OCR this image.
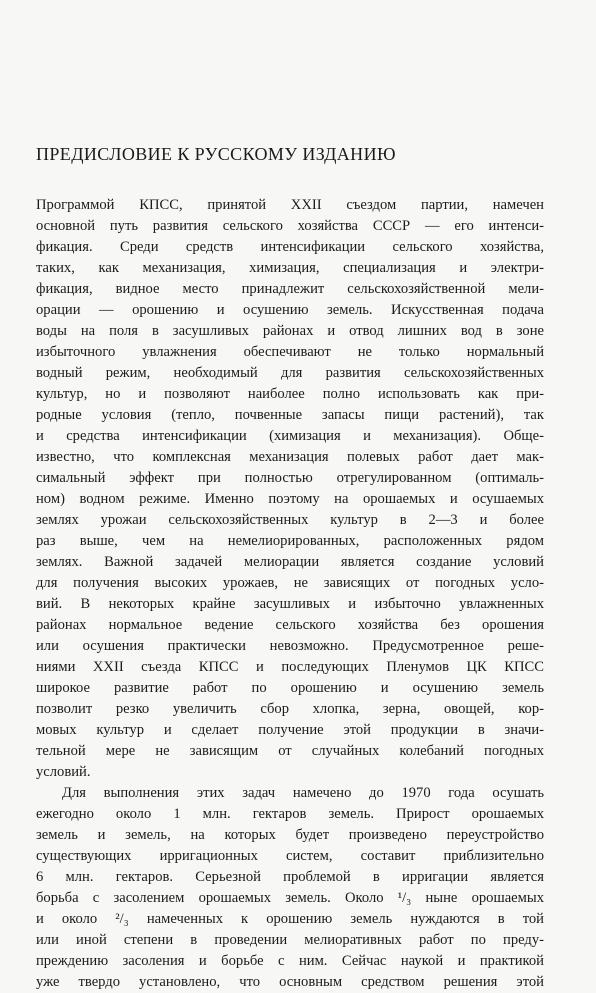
ПРЕДИСЛОВИЕ К РУССКОМУ ИЗДАНИЮ
Программой КПСС, принятой XXII съездом партии, намечен
основной путь развития сельского хозяйства СССР — его интенси-
фикация. Среди средств интенсификации сельского хозяйства,
таких, как механизация, химизация, специализация и электри-
фикация, видное место принадлежит сельскохозяйственной мели-
орации — орошению и осушению земель. Искусственная подача
воды на поля в засушливых районах и отвод лишних вод в зоне
избыточного увлажнения обеспечивают не только нормальный
водный режим, необходимый для развития сельскохозяйственных
культур, но и позволяют наиболее полно использовать как при-
родные условия (тепло, почвенные запасы пищи растений), так
и средства интенсификации (химизация и механизация). Обще-
известно, что комплексная механизация полевых работ дает мак-
симальный эффект при полностью отрегулированном (оптималь-
ном) водном режиме. Именно поэтому на орошаемых и осушаемых
землях урожаи сельскохозяйственных культур в 2—3 и более
раз выше, чем на немелиорированных, расположенных рядом
землях. Важной задачей мелиорации является создание условий
для получения высоких урожаев, не зависящих от погодных усло-
вий. В некоторых крайне засушливых и избыточно увлажненных
районах нормальное ведение сельского хозяйства без орошения
или осушения практически невозможно. Предусмотренное реше-
ниями XXII съезда КПСС и последующих Пленумов ЦК КПСС
широкое развитие работ по орошению и осушению земель
позволит резко увеличить сбор хлопка, зерна, овощей, кор-
мовых культур и сделает получение этой продукции в значи-
тельной мере не зависящим от случайных колебаний погодных
условий.
Для выполнения этих задач намечено до 1970 года осушать
ежегодно около 1 млн. гектаров земель. Прирост орошаемых
земель и земель, на которых будет произведено переустройство
существующих ирригационных систем, составит приблизительно
6 млн. гектаров. Серьезной проблемой в ирригации является
борьба с засолением орошаемых земель. Около ¹/₃ ныне орошаемых
и около ²/₃ намеченных к орошению земель нуждаются в той
или иной степени в проведении мелиоративных работ по преду-
преждению засоления и борьбе с ним. Сейчас наукой и практикой
уже твердо установлено, что основным средством решения этой
